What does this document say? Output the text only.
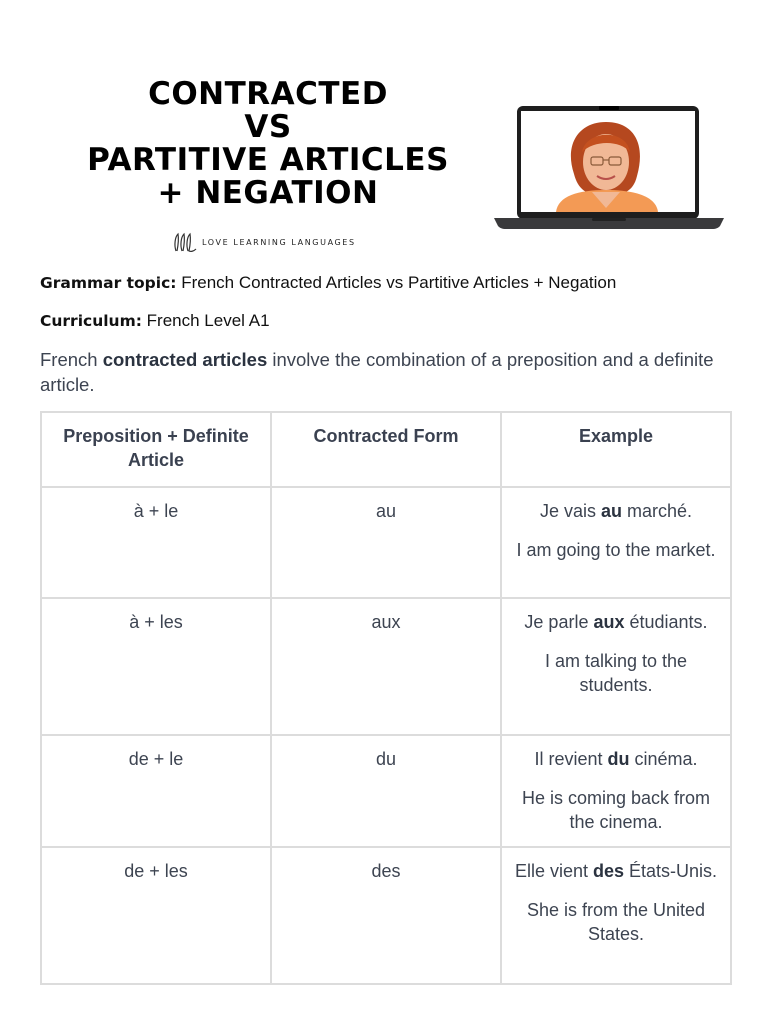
CONTRACTED
VS
PARTITIVE ARTICLES
+ NEGATION
LOVE LEARNING LANGUAGES
Grammar topic: French Contracted Articles vs Partitive Articles + Negation
Curriculum: French Level A1
French contracted articles involve the combination of a preposition and a definite article.
Preposition + Definite Article	Contracted Form	Example
à + le	au	Je vais au marché.

I am going to the market.

à + les	aux	Je parle aux étudiants.

I am talking to the students.

de + le	du	Il revient du cinéma.

He is coming back from the cinema.

de + les	des	Elle vient des États-Unis.

She is from the United States.
